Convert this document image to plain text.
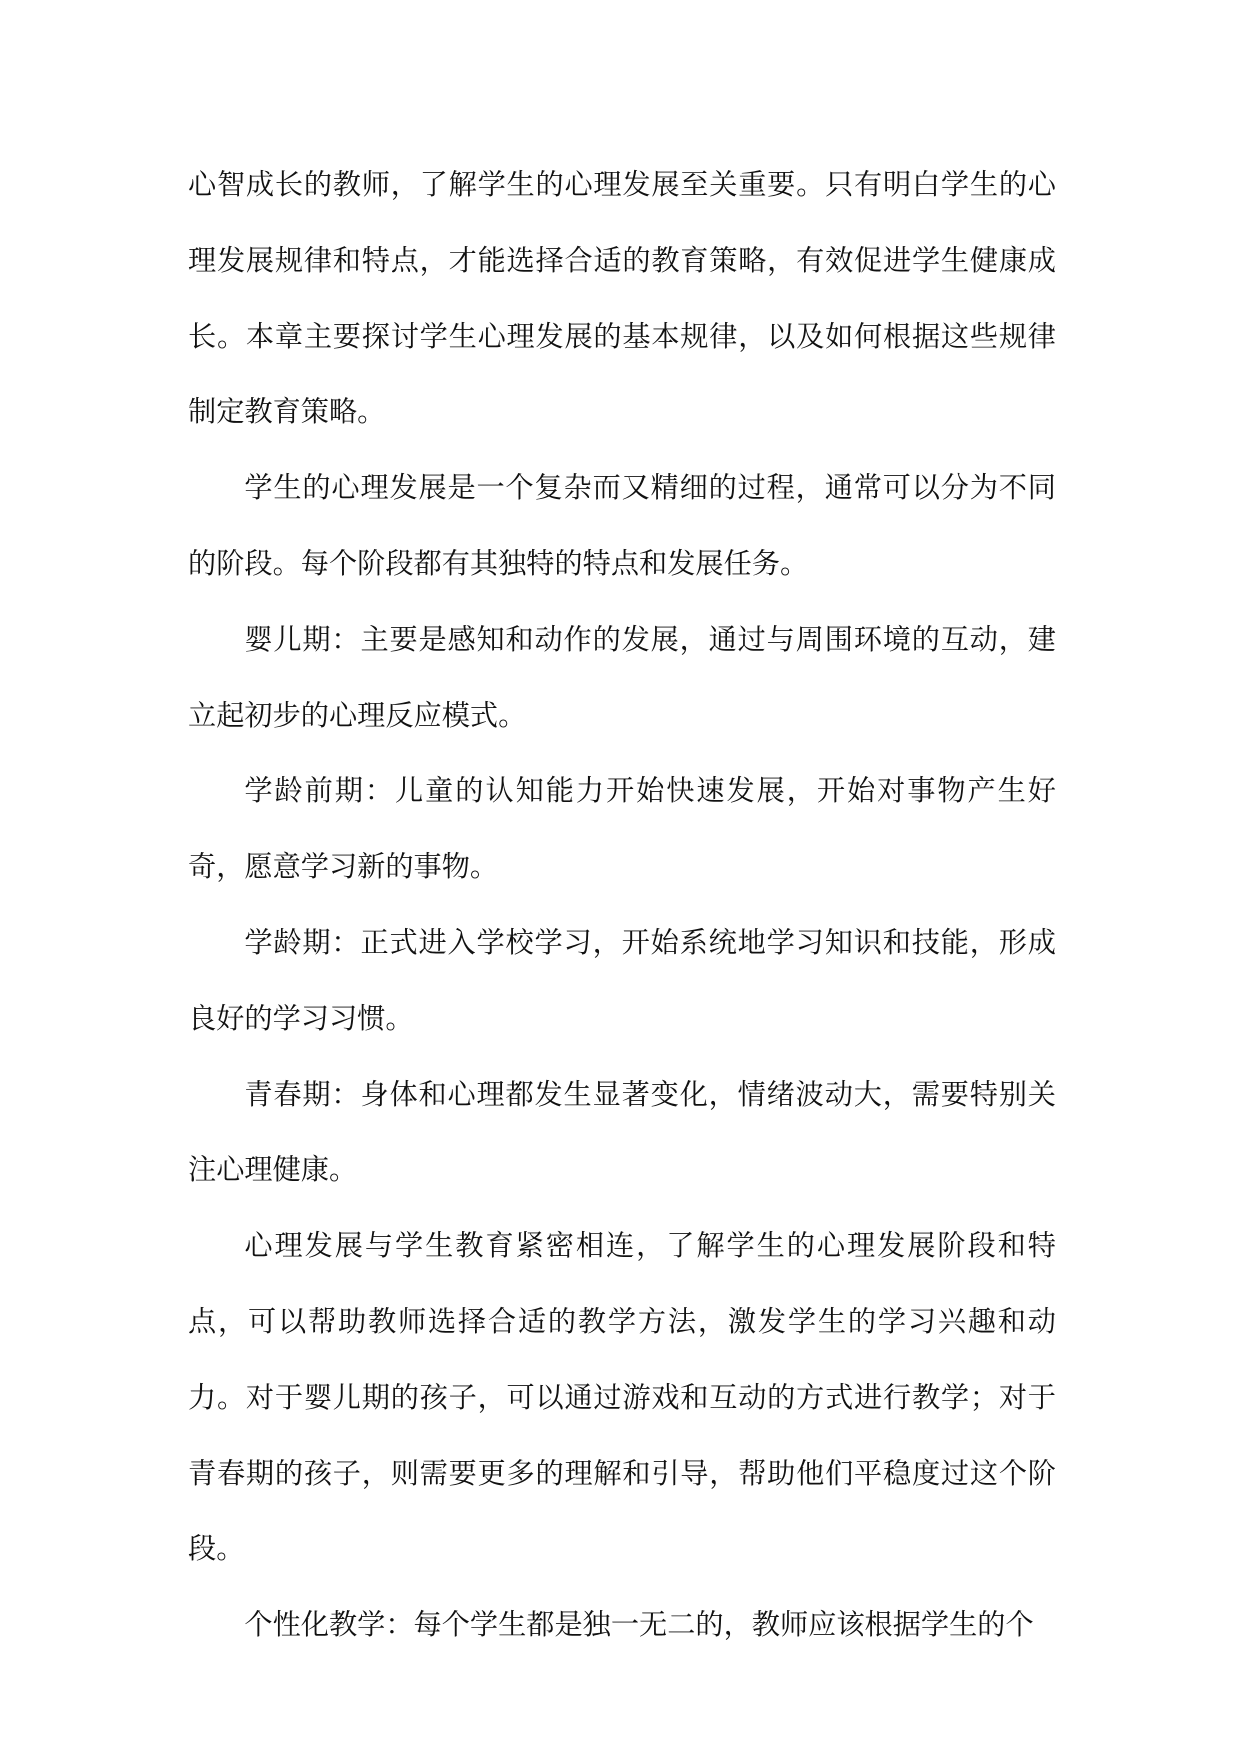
心智成长的教师，了解学生的心理发展至关重要。只有明白学生的心理发展规律和特点，才能选择合适的教育策略，有效促进学生健康成长。本章主要探讨学生心理发展的基本规律，以及如何根据这些规律制定教育策略。

学生的心理发展是一个复杂而又精细的过程，通常可以分为不同的阶段。每个阶段都有其独特的特点和发展任务。

婴儿期：主要是感知和动作的发展，通过与周围环境的互动，建立起初步的心理反应模式。

学龄前期：儿童的认知能力开始快速发展，开始对事物产生好奇，愿意学习新的事物。

学龄期：正式进入学校学习，开始系统地学习知识和技能，形成良好的学习习惯。

青春期：身体和心理都发生显著变化，情绪波动大，需要特别关注心理健康。

心理发展与学生教育紧密相连，了解学生的心理发展阶段和特点，可以帮助教师选择合适的教学方法，激发学生的学习兴趣和动力。对于婴儿期的孩子，可以通过游戏和互动的方式进行教学；对于青春期的孩子，则需要更多的理解和引导，帮助他们平稳度过这个阶段。

个性化教学：每个学生都是独一无二的，教师应该根据学生的个
